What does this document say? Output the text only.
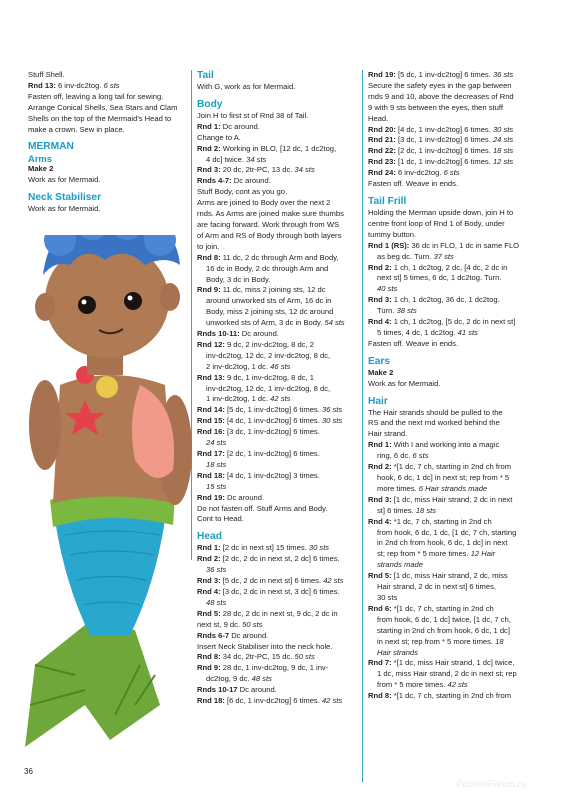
Stuff Shell.
Rnd 13: 6 inv-dc2tog. 6 sts
Fasten off, leaving a long tail for sewing.
Arrange Conical Shells, Sea Stars and Clam
Shells on the top of the Mermaid's Head to
make a crown. Sew in place.
MERMAN
Arms
Make 2
Work as for Mermaid.
Neck Stabiliser
Work as for Mermaid.
Tail
With G, work as for Mermaid.
Body
Join H to first st of Rnd 38 of Tail.
Rnd 1: Dc around.
Change to A.
Rnd 2: Working in BLO, [12 dc, 1 dc2tog,
4 dc] twice. 34 sts
Rnd 3: 20 dc, 2tr-PC, 13 dc. 34 sts
Rnds 4-7: Dc around.
Stuff Body, cont as you go.
Arms are joined to Body over the next 2
rnds. As Arms are joined make sure thumbs
are facing forward. Work through from WS
of Arm and RS of Body through both layers
to join.
Rnd 8: 11 dc, 2 dc through Arm and Body,
16 dc in Body, 2 dc through Arm and
Body, 3 dc in Body.
Rnd 9: 11 dc, miss 2 joining sts, 12 dc
around unworked sts of Arm, 16 dc in
Body, miss 2 joining sts, 12 dc around
unworked sts of Arm, 3 dc in Body. 54 sts
Rnds 10-11: Dc around.
Rnd 12: 9 dc, 2 inv-dc2tog, 8 dc, 2
inv-dc2tog, 12 dc, 2 inv-dc2tog, 8 dc,
2 inv-dc2tog, 1 dc. 46 sts
Rnd 13: 9 dc, 1 inv-dc2tog, 8 dc, 1
inv-dc2tog, 12 dc, 1 inv-dc2tog, 8 dc,
1 inv-dc2tog, 1 dc. 42 sts
Rnd 14: [5 dc, 1 inv-dc2tog] 6 times. 36 sts
Rnd 15: [4 dc, 1 inv-dc2tog] 6 times. 30 sts
Rnd 16: [3 dc, 1 inv-dc2tog] 6 times.
24 sts
Rnd 17: [2 dc, 1 inv-dc2tog] 6 times.
18 sts
Rnd 18: [4 dc, 1 inv-dc2tog] 3 times.
15 sts
Rnd 19: Dc around.
Do not fasten off. Stuff Arms and Body.
Cont to Head.
Head
Rnd 1: [2 dc in next st] 15 times. 30 sts
Rnd 2: [2 dc, 2 dc in next st, 2 dc] 6 times.
36 sts
Rnd 3: [5 dc, 2 dc in next st] 6 times. 42 sts
Rnd 4: [3 dc, 2 dc in next st, 3 dc] 6 times.
48 sts
Rnd 5: 28 dc, 2 dc in next st, 9 dc, 2 dc in
next st, 9 dc. 50 sts
Rnds 6-7 Dc around.
Insert Neck Stabiliser into the neck hole.
Rnd 8: 34 dc, 2tr-PC, 15 dc. 50 sts
Rnd 9: 28 dc, 1 inv-dc2tog, 9 dc, 1 inv-
dc2tog, 9 dc. 48 sts
Rnds 10-17 Dc around.
Rnd 18: [6 dc, 1 inv-dc2tog] 6 times. 42 sts
Rnd 19: [5 dc, 1 inv-dc2tog] 6 times. 36 sts
Secure the safety eyes in the gap between
rnds 9 and 10, above the decreases of Rnd
9 with 9 sts between the eyes, then stuff
Head.
Rnd 20: [4 dc, 1 inv-dc2tog] 6 times. 30 sts
Rnd 21: [3 dc, 1 inv-dc2tog] 6 times. 24 sts
Rnd 22: [2 dc, 1 inv-dc2tog] 6 times. 18 sts
Rnd 23: [1 dc, 1 inv-dc2tog] 6 times. 12 sts
Rnd 24: 6 inv-dc2tog. 6 sts
Fasten off. Weave in ends.
Tail Frill
Holding the Merman upside down, join H to
centre front loop of Rnd 1 of Body, under
tummy button.
Rnd 1 (RS): 36 dc in FLO, 1 dc in same FLO
as beg dc. Turn. 37 sts
Rnd 2: 1 ch, 1 dc2tog, 2 dc, [4 dc, 2 dc in
next st] 5 times, 6 dc, 1 dc2tog. Turn.
40 sts
Rnd 3: 1 ch, 1 dc2tog, 36 dc, 1 dc2tog.
Turn. 38 sts
Rnd 4: 1 ch, 1 dc2tog, [5 dc, 2 dc in next st]
5 times, 4 dc, 1 dc2tog. 41 sts
Fasten off. Weave in ends.
Ears
Make 2
Work as for Mermaid.
Hair
The Hair strands should be pulled to the
RS and the next rnd worked behind the
Hair strand.
Rnd 1: With I and working into a magic
ring, 6 dc. 6 sts
Rnd 2: *[1 dc, 7 ch, starting in 2nd ch from
hook, 6 dc, 1 dc] in next st; rep from * 5
more times. 6 Hair strands made
Rnd 3: [1 dc, miss Hair strand, 2 dc in next
st] 6 times. 18 sts
Rnd 4: *1 dc, 7 ch, starting in 2nd ch
from hook, 6 dc, 1 dc, [1 dc, 7 ch, starting
in 2nd ch from hook, 6 dc, 1 dc] in next
st; rep from * 5 more times. 12 Hair
strands made
Rnd 5: [1 dc, miss Hair strand, 2 dc, miss
Hair strand, 2 dc in next st] 6 times.
30 sts
Rnd 6: *[1 dc, 7 ch, starting in 2nd ch
from hook, 6 dc, 1 dc] twice, [1 dc, 7 ch,
starting in 2nd ch from hook, 6 dc, 1 dc]
in next st; rep from * 5 more times. 18
Hair strands
Rnd 7: *[1 dc, miss Hair strand, 1 dc] twice,
1 dc, miss Hair strand, 2 dc in next st; rep
from * 5 more times. 42 sts
Rnd 8: *[1 dc, 7 ch, starting in 2nd ch from
36
PassionForum.ru
